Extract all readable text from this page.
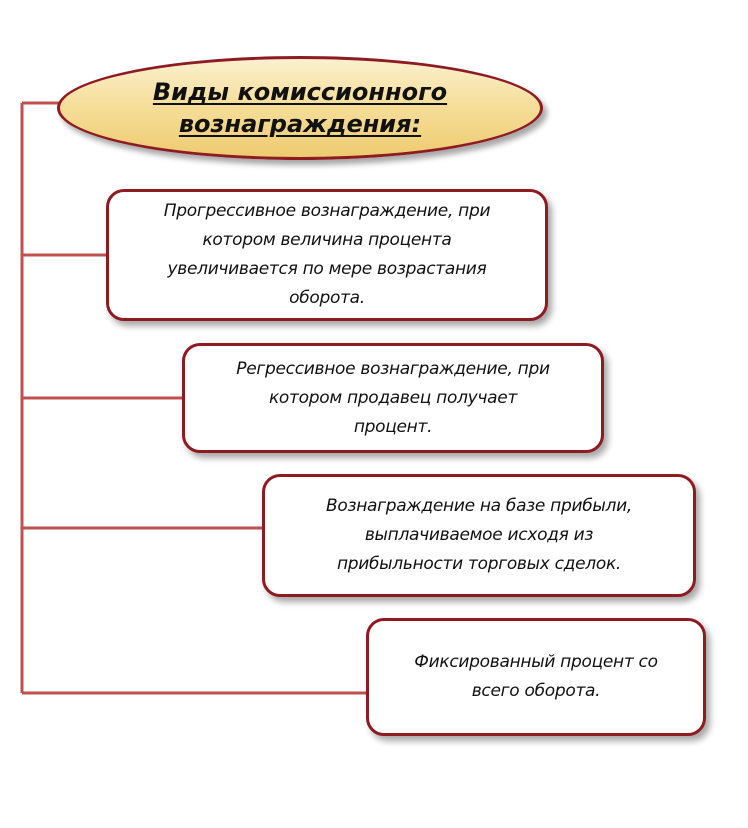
Виды комиссионного
вознаграждения:
Прогрессивное вознаграждение, при
котором величина процента
увеличивается по мере возрастания
оборота.
Регрессивное вознаграждение, при
котором продавец получает
процент.
Вознаграждение на базе прибыли,
выплачиваемое исходя из
прибыльности торговых сделок.
Фиксированный процент со
всего оборота.
